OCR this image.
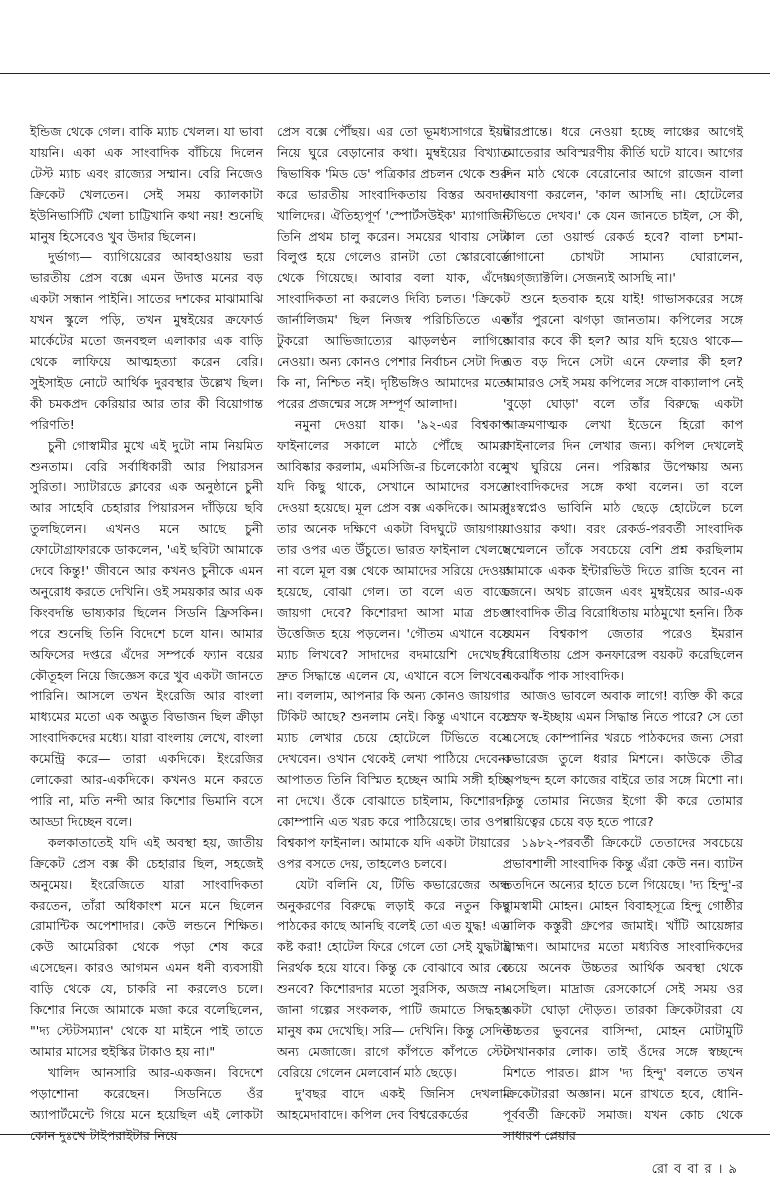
ইন্ডিজ থেকে গেল। বাকি ম্যাচ খেলল। যা ভাবা যায়নি। একা এক সাংবাদিক বাঁচিয়ে দিলেন টেস্ট ম্যাচ এবং রাজ্যের সম্মান। বেরি নিজেও ক্রিকেট খেলতেন। সেই সময় ক্যালকাটা ইউনিভার্সিটি খেলা চাট্টিখানি কথা নয়! শুনেছি মানুষ হিসেবেও খুব উদার ছিলেন।

দুর্ভাগ্য— ব্যাগিয়েরের আবহাওয়ায় ভরা ভারতীয় প্রেস বক্সে এমন উদাত্ত মনের বড় একটা সন্ধান পাইনি। সাতের দশকের মাঝামাঝি যখন স্কুলে পড়ি, তখন মুম্বইয়ের ক্রফোর্ড মার্কেটের মতো জনবহুল এলাকার এক বাড়ি থেকে লাফিয়ে আত্মহত্যা করেন বেরি। সুইসাইড নোটে আর্থিক দুরবস্থার উল্লেখ ছিল। কী চমকপ্রদ কেরিয়ার আর তার কী বিয়োগান্ত পরিণতি!

চুনী গোস্বামীর মুখে এই দুটো নাম নিয়মিত শুনতাম। বেরি সর্বাধিকারী আর পিয়ারসন সুরিতা। স্যাটারডে ক্লাবের এক অনুষ্ঠানে চুনী আর সাহেবি চেহারার পিয়ারসন দাঁড়িয়ে ছবি তুলছিলেন। এখনও মনে আছে চুনী ফোটোগ্রাফারকে ডাকলেন, 'এই ছবিটা আমাকে দেবে কিন্তু!' জীবনে আর কখনও চুনীকে এমন অনুরোধ করতে দেখিনি। ওই সময়কার আর এক কিংবদন্তি ভাষ্যকার ছিলেন সিডনি ফ্রিসকিন। পরে শুনেছি তিনি বিদেশে চলে যান। আমার অফিসের দপ্তরে এঁদের সম্পর্কে ফ্যান বয়ের কৌতূহল নিয়ে জিজ্ঞেস করে খুব একটা জানতে পারিনি। আসলে তখন ইংরেজি আর বাংলা মাধ্যমের মতো এক অদ্ভুত বিভাজন ছিল ক্রীড়া সাংবাদিকদের মধ্যে। যারা বাংলায় লেখে, বাংলা কমেন্ট্রি করে— তারা একদিকে। ইংরেজির লোকেরা আর-একদিকে। কখনও মনে করতে পারি না, মতি নন্দী আর কিশোর ভিমানি বসে আড্ডা দিচ্ছেন বলে।

কলকাতাতেই যদি এই অবস্থা হয়, জাতীয় ক্রিকেট প্রেস বক্স কী চেহারার ছিল, সহজেই অনুমেয়। ইংরেজিতে যারা সাংবাদিকতা করতেন, তাঁরা অধিকাংশ মনে মনে ছিলেন রোমান্টিক অপেশাদার। কেউ লন্ডনে শিক্ষিত। কেউ আমেরিকা থেকে পড়া শেষ করে এসেছেন। কারও আগমন এমন ধনী ব্যবসায়ী বাড়ি থেকে যে, চাকরি না করলেও চলে। কিশোর নিজে আমাকে মজা করে বলেছিলেন, "'দ্য স্টেটসম্যান' থেকে যা মাইনে পাই তাতে আমার মাসের হুইস্কির টাকাও হয় না।"

খালিদ আনসারি আর-একজন। বিদেশে পড়াশোনা করেছেন। সিডনিতে ওঁর অ্যাপার্টমেন্টে গিয়ে মনে হয়েছিল এই লোকটা কোন দুঃখে টাইপরাইটার নিয়ে

প্রেস বক্সে পৌঁছয়। এর তো ভূমধ্যসাগরে ইয়ট নিয়ে ঘুরে বেড়ানোর কথা। মুম্বইয়ের বিখ্যাত দ্বিভাষিক 'মিড ডে' পত্রিকার প্রচলন থেকে শুরু করে ভারতীয় সাংবাদিকতায় বিস্তর অবদান খালিদের। ঐতিহ্যপূর্ণ 'স্পোর্টসউইক' ম্যাগাজিন তিনি প্রথম চালু করেন। সময়ের থাবায় সেটা বিলুপ্ত হয়ে গেলেও রানটা তো স্কোরবোর্ডে থেকে গিয়েছে। আবার বলা যাক, এঁদের সাংবাদিকতা না করলেও দিব্যি চলত। 'ক্রিকেট জার্নালিজম' ছিল নিজস্ব পরিচিতিতে এক টুকরো আভিজাত্যের ঝাড়লণ্ঠন লাগিয়ে নেওয়া। অন্য কোনও পেশার নির্বাচন সেটা দিত কি না, নিশ্চিত নই। দৃষ্টিভঙ্গিও আমাদের মতো পরের প্রজন্মের সঙ্গে সম্পূর্ণ আলাদা।

নমুনা দেওয়া যাক। '৯২-এর বিশ্বকাপ ফাইনালের সকালে মাঠে পৌঁছে আমরা আবিষ্কার করলাম, এমসিজি-র চিলেকোঠা বলে যদি কিছু থাকে, সেখানে আমাদের বসতে দেওয়া হয়েছে। মূল প্রেস বক্স একদিকে। আমরা তার অনেক দক্ষিণে একটা বিদঘুটে জায়গায়। তার ওপর এত উঁচুতে। ভারত ফাইনাল খেলছে না বলে মূল বক্স থেকে আমাদের সরিয়ে দেওয়া হয়েছে, বোঝা গেল। তা বলে এত বাজে জায়গা দেবে? কিশোরদা আসা মাত্র প্রচণ্ড উত্তেজিত হয়ে পড়লেন। 'গৌতম এখানে বসে ম্যাচ লিখবে? সাদাদের বদমায়েশি দেখেছ?' দ্রুত সিদ্ধান্তে এলেন যে, এখানে বসে লিখবেন না। বললাম, আপনার কি অন্য কোনও জায়গার টিকিট আছে? শুনলাম নেই। কিন্তু এখানে বসে ম্যাচ লেখার চেয়ে হোটেলে টিভিতে বসে দেখবেন। ওখান থেকেই লেখা পাঠিয়ে দেবেন। আপাতত তিনি বিস্মিত হচ্ছেন আমি সঙ্গী হচ্ছি না দেখে। ওঁকে বোঝাতে চাইলাম, কিশোরদা, কোম্পানি এত খরচ করে পাঠিয়েছে। তার ওপর বিশ্বকাপ ফাইনাল। আমাকে যদি একটা টায়ারের ওপর বসতে দেয়, তাহলেও চলবে।

যেটা বলিনি যে, টিভি কভারেজের অন্ধ অনুকরণের বিরুদ্ধে লড়াই করে নতুন কিছু পাঠকের কাছে আনছি বলেই তো এত যুদ্ধ! এত কষ্ট করা! হোটেল ফিরে গেলে তো সেই যুদ্ধটাই নিরর্থক হয়ে যাবে। কিন্তু কে বোঝাবে আর কে শুনবে? কিশোরদার মতো সুরসিক, অজস্র না-জানা গল্পের সংকলক, পাটি জমাতে সিদ্ধহস্ত মানুষ কম দেখেছি। সরি— দেখিনি। কিন্তু সেদিন অন্য মেজাজে। রাগে কাঁপতে কাঁপতে স্টেট বেরিয়ে গেলেন মেলবোর্ন মাঠ ছেড়ে।

দু'বছর বাদে একই জিনিস দেখলাম আহমেদাবাদে। কপিল দেব বিশ্বরেকর্ডের

দ্বারপ্রান্তে। ধরে নেওয়া হচ্ছে লাঞ্চের আগেই মোতেরার অবিস্মরণীয় কীর্তি ঘটে যাবে। আগের দিন মাঠ থেকে বেরোনোর আগে রাজেন বালা ঘোষণা করলেন, 'কাল আসছি না। হোটেলের টিভিতে দেখব।' কে যেন জানতে চাইল, সে কী, কাল তো ওয়ার্ল্ড রেকর্ড হবে? বালা চশমা-লাগানো চোখটা সামান্য ঘোরালেন, 'এগ্জ্যাক্টলি। সেজন্যই আসছি না।'

শুনে হতবাক হয়ে যাই! গাভাসকরের সঙ্গে তাঁর পুরনো ঝগড়া জানতাম। কপিলের সঙ্গে আবার কবে কী হল? আর যদি হয়েও থাকে— এত বড় দিনে সেটা এনে ফেলার কী হল? আমারও সেই সময় কপিলের সঙ্গে বাক্যালাপ নেই 'বুড়ো ঘোড়া' বলে তাঁর বিরুদ্ধে একটা আক্রমণাত্মক লেখা ইডেনে হিরো কাপ ফাইনালের দিন লেখার জন্য। কপিল দেখলেই মুখ ঘুরিয়ে নেন। পরিষ্কার উপেক্ষায় অন্য সাংবাদিকদের সঙ্গে কথা বলেন। তা বলে দুঃস্বপ্নেও ভাবিনি মাঠ ছেড়ে হোটেলে চলে যাওয়ার কথা। বরং রেকর্ড-পরবর্তী সাংবাদিক সম্মেলনে তাঁকে সবচেয়ে বেশি প্রশ্ন করছিলাম আমাকে একক ইন্টারভিউ দিতে রাজি হবেন না জেনে। অথচ রাজেন এবং মুম্বইয়ের আর-এক সাংবাদিক তীব্র বিরোধিতায় মাঠমুখো হননি। ঠিক যেমন বিশ্বকাপ জেতার পরেও ইমরান বিরোধিতায় প্রেস কনফারেন্স বয়কট করেছিলেন একঝাঁক পাক সাংবাদিক।

আজও ভাবলে অবাক লাগে! ব্যক্তি কী করে স্রেফ স্ব-ইচ্ছায় এমন সিদ্ধান্ত নিতে পারে? সে তো এসেছে কোম্পানির খরচে পাঠকদের জন্য সেরা কভারেজ তুলে ধরার মিশনে। কাউকে তীব্র অপছন্দ হলে কাজের বাইরে তার সঙ্গে মিশো না। কিন্তু তোমার নিজের ইগো কী করে তোমার দায়িত্বের চেয়ে বড় হতে পারে?

১৯৮২-পরবর্তী ক্রিকেটে তেতাদের সবচেয়ে প্রভাবশালী সাংবাদিক কিন্তু এঁরা কেউ নন। ব্যাটন ততদিনে অন্যের হাতে চলে গিয়েছে। 'দ্য হিন্দু'-র রামস্বামী মোহন। মোহন বিবাহসূত্রে হিন্দু গোষ্ঠীর মালিক কস্তুরী গ্রুপের জামাই। খাঁটি আয়েঙ্গার ব্রাহ্মণ। আমাদের মতো মধ্যবিত্ত সাংবাদিকদের চেয়ে অনেক উচ্চতর আর্থিক অবস্থা থেকে এসেছিল। মাদ্রাজ রেসকোর্সে সেই সময় ওর একটা ঘোড়া দৌড়ত। তারকা ক্রিকেটাররা যে উচ্চতর ভুবনের বাসিন্দা, মোহন মোটামুটি সেখানকার লোক। তাই ওঁদের সঙ্গে স্বচ্ছন্দে মিশতে পারত। গ্লাস 'দ্য হিন্দু' বলতে তখন ক্রিকেটাররা অজ্ঞান। মনে রাখতে হবে, ধোনি-পূর্ববর্তী ক্রিকেট সমাজ। যখন কোচ থেকে সাধারণ প্লেয়ার

রো ব বা র । ৯
